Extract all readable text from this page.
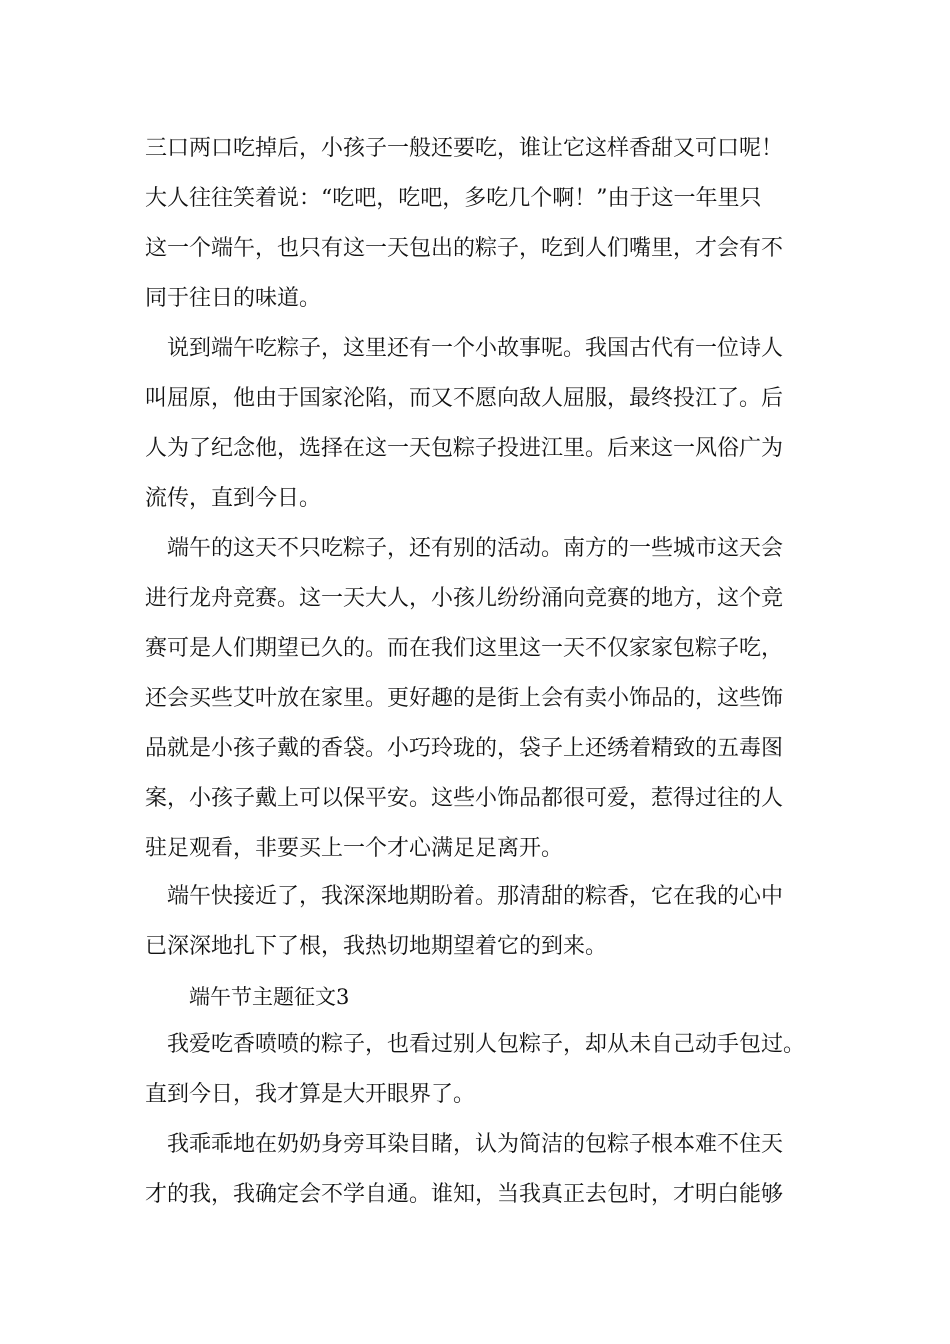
三口两口吃掉后，小孩子一般还要吃，谁让它这样香甜又可口呢！

大人往往笑着说：“吃吧，吃吧，多吃几个啊！”由于这一年里只

这一个端午，也只有这一天包出的粽子，吃到人们嘴里，才会有不

同于往日的味道。

说到端午吃粽子，这里还有一个小故事呢。我国古代有一位诗人

叫屈原，他由于国家沦陷，而又不愿向敌人屈服，最终投江了。后

人为了纪念他，选择在这一天包粽子投进江里。后来这一风俗广为

流传，直到今日。

端午的这天不只吃粽子，还有别的活动。南方的一些城市这天会

进行龙舟竞赛。这一天大人，小孩儿纷纷涌向竞赛的地方，这个竞

赛可是人们期望已久的。而在我们这里这一天不仅家家包粽子吃，

还会买些艾叶放在家里。更好趣的是街上会有卖小饰品的，这些饰

品就是小孩子戴的香袋。小巧玲珑的，袋子上还绣着精致的五毒图

案，小孩子戴上可以保平安。这些小饰品都很可爱，惹得过往的人

驻足观看，非要买上一个才心满足足离开。

端午快接近了，我深深地期盼着。那清甜的粽香，它在我的心中

已深深地扎下了根，我热切地期望着它的到来。

端午节主题征文3

我爱吃香喷喷的粽子，也看过别人包粽子，却从未自己动手包过。

直到今日，我才算是大开眼界了。

我乖乖地在奶奶身旁耳染目睹，认为简洁的包粽子根本难不住天

才的我，我确定会不学自通。谁知，当我真正去包时，才明白能够
